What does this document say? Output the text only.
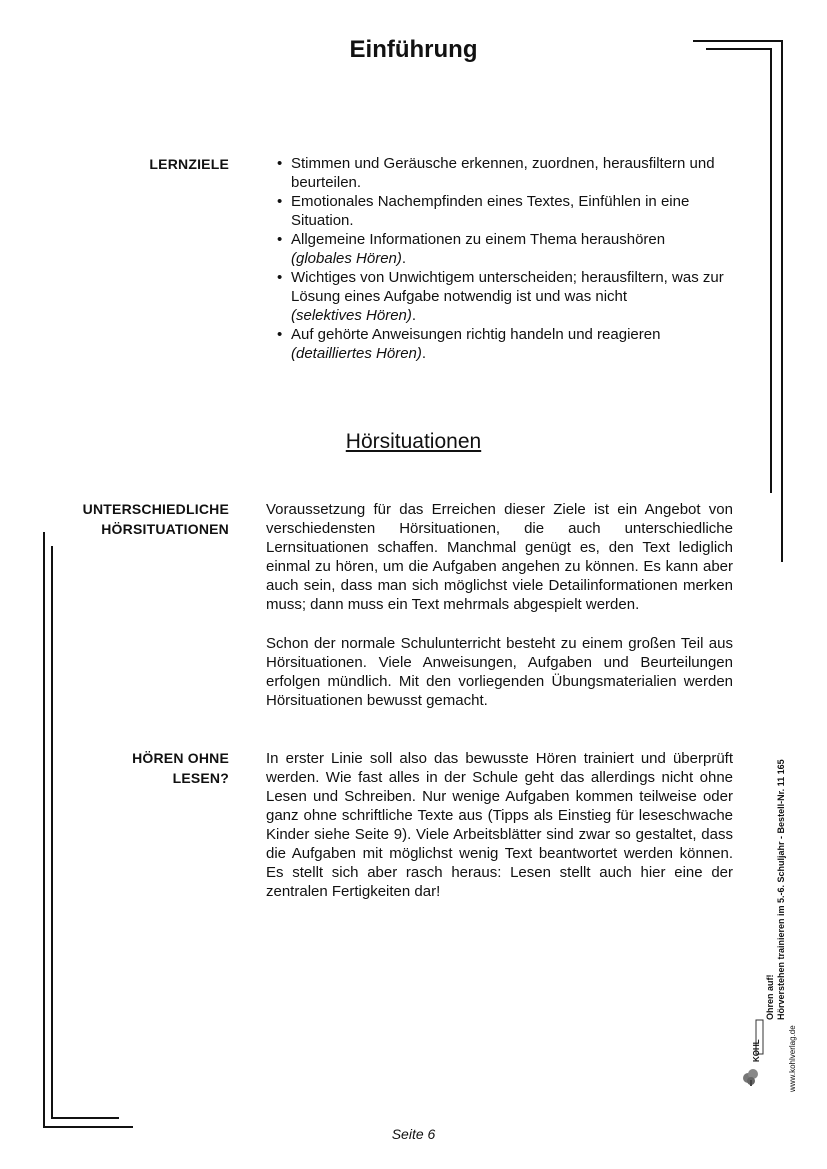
Einführung
LERNZIELE	• Stimmen und Geräusche erkennen, zuordnen, herausfiltern und beurteilen.
• Emotionales Nachempfinden eines Textes, Einfühlen in eine Situation.
• Allgemeine Informationen zu einem Thema heraushören
(globales Hören).
• Wichtiges von Unwichtigem unterscheiden; herausfiltern, was zur Lösung eines Aufgabe notwendig ist und was nicht
(selektives Hören).
• Auf gehörte Anweisungen richtig handeln und reagieren
(detailliertes Hören).
Hörsituationen
UNTERSCHIEDLICHE
HÖRSITUATIONEN

Voraussetzung für das Erreichen dieser Ziele ist ein Angebot von verschiedensten Hörsituationen, die auch unterschiedliche Lernsituationen schaffen. Manchmal genügt es, den Text lediglich einmal zu hören, um die Aufgaben angehen zu können. Es kann aber auch sein, dass man sich möglichst viele Detailinformationen merken muss; dann muss ein Text mehrmals abgespielt werden.

Schon der normale Schulunterricht besteht zu einem großen Teil aus Hörsituationen. Viele Anweisungen, Aufgaben und Beurteilungen erfolgen mündlich. Mit den vorliegenden Übungsmaterialien werden Hörsituationen bewusst gemacht.

HÖREN OHNE
LESEN?

In erster Linie soll also das bewusste Hören trainiert und überprüft werden. Wie fast alles in der Schule geht das allerdings nicht ohne Lesen und Schreiben. Nur wenige Aufgaben kommen teilweise oder ganz ohne schriftliche Texte aus (Tipps als Einstieg für leseschwache Kinder siehe Seite 9). Viele Arbeitsblätter sind zwar so gestaltet, dass die Aufgaben mit möglichst wenig Text beantwortet werden können. Es stellt sich aber rasch heraus: Lesen stellt auch hier eine der zentralen Fertigkeiten dar!

KOHL	www.kohlverlag.de
Ohren auf! Hörverstehen trainieren im 5.-6. Schuljahr - Bestell-Nr. 11 165
Seite 6
